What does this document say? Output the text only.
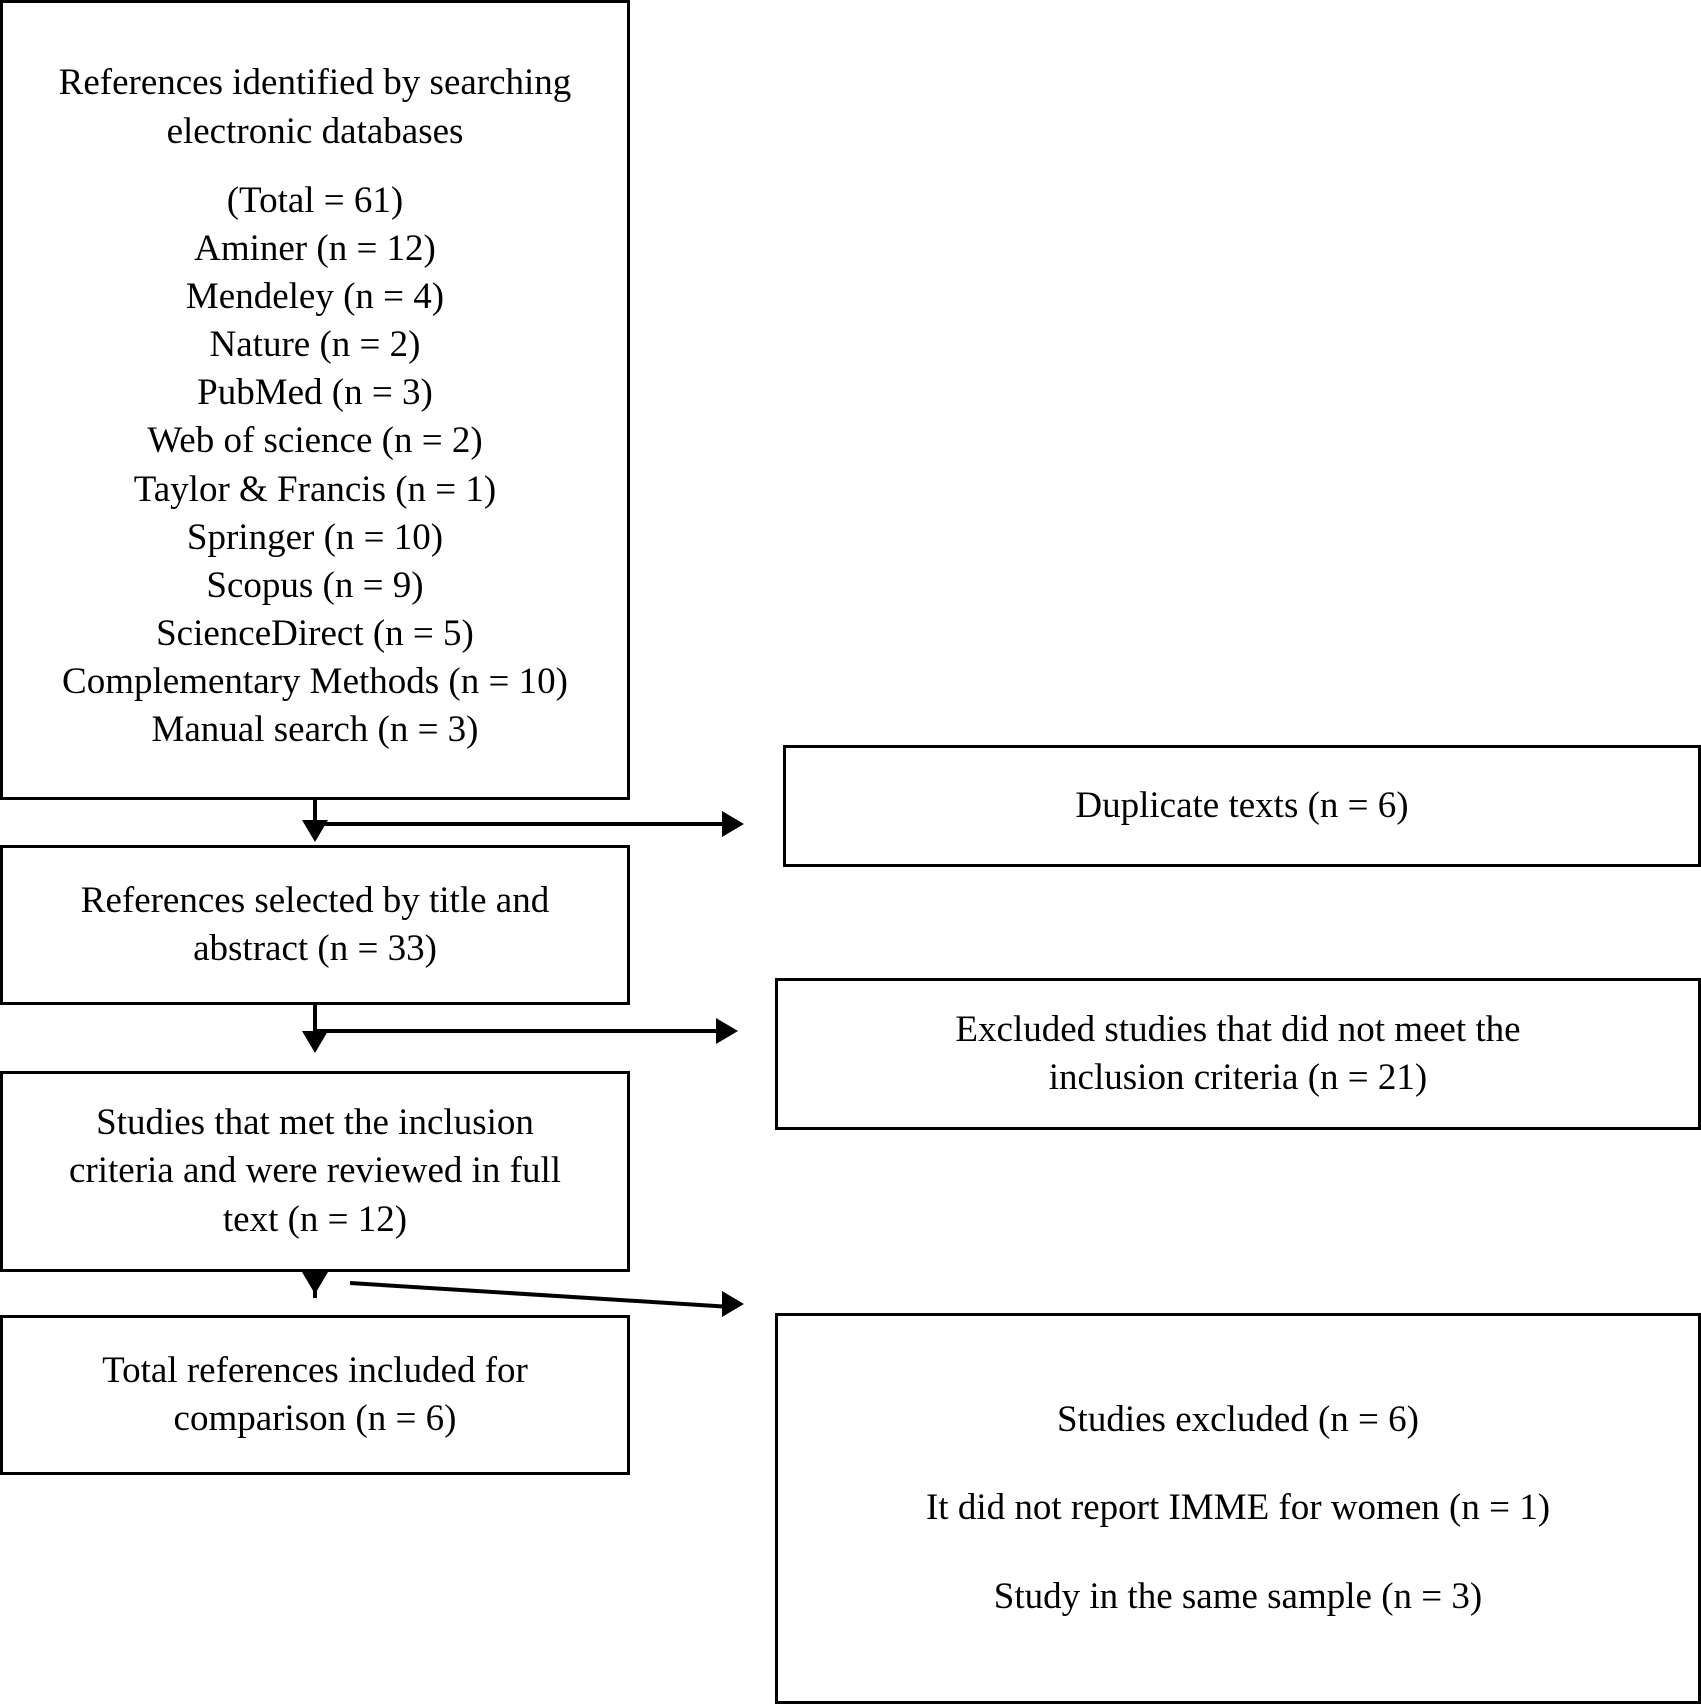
References identified by searching
electronic databases
(Total = 61)
Aminer (n = 12)
Mendeley (n = 4)
Nature (n = 2)
PubMed (n = 3)
Web of science (n = 2)
Taylor & Francis (n = 1)
Springer (n = 10)
Scopus (n = 9)
ScienceDirect (n = 5)
Complementary Methods (n = 10)
Manual search (n = 3)
Duplicate texts (n = 6)
References selected by title and
abstract (n = 33)
Excluded studies that did not meet the
inclusion criteria (n = 21)
Studies that met the inclusion
criteria and were reviewed in full
text (n = 12)
Total references included for
comparison (n = 6)	Studies excluded (n = 6)
It did not report IMME for women (n = 1)
Study in the same sample (n = 3)
